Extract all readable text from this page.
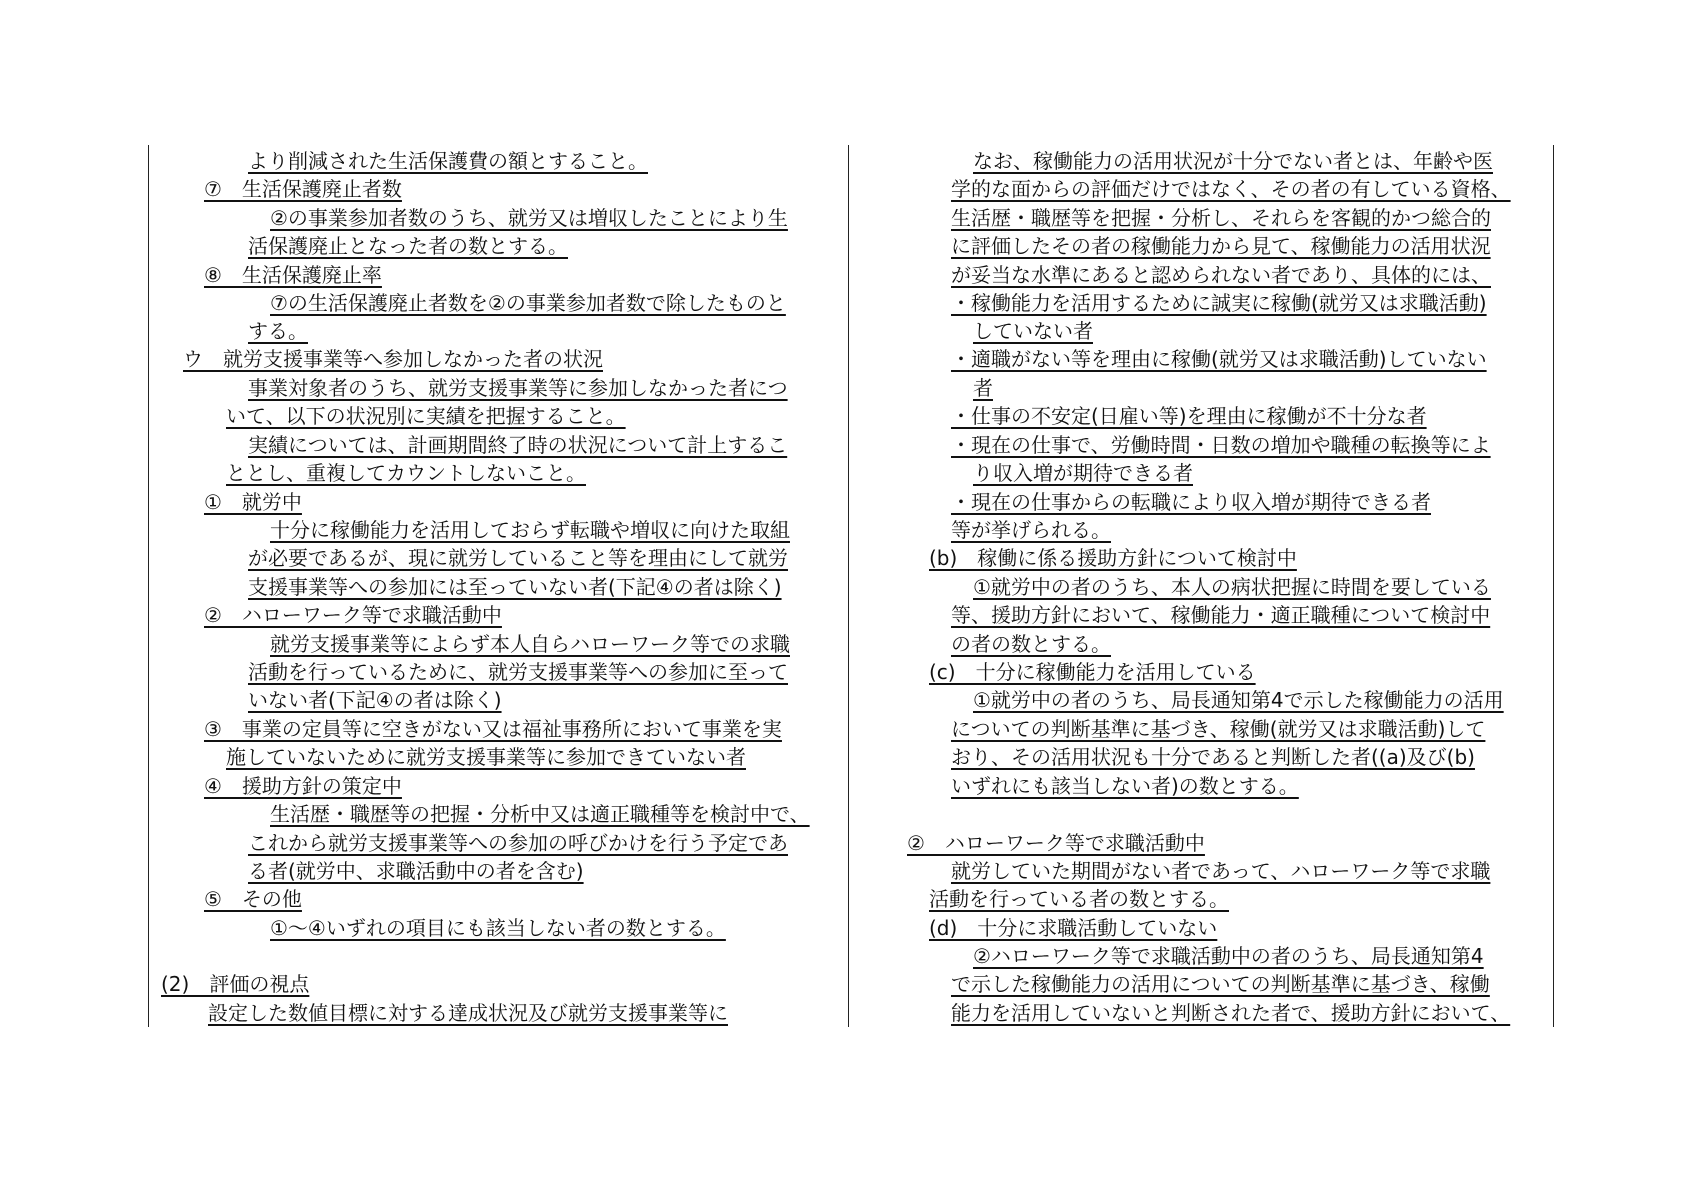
より削減された生活保護費の額とすること。
⑦　生活保護廃止者数
②の事業参加者数のうち、就労又は増収したことにより生
活保護廃止となった者の数とする。
⑧　生活保護廃止率
⑦の生活保護廃止者数を②の事業参加者数で除したものと
する。
ウ　就労支援事業等へ参加しなかった者の状況
事業対象者のうち、就労支援事業等に参加しなかった者につ
いて、以下の状況別に実績を把握すること。
実績については、計画期間終了時の状況について計上するこ
ととし、重複してカウントしないこと。
①　就労中
十分に稼働能力を活用しておらず転職や増収に向けた取組
が必要であるが、現に就労していること等を理由にして就労
支援事業等への参加には至っていない者(下記④の者は除く)
②　ハローワーク等で求職活動中
就労支援事業等によらず本人自らハローワーク等での求職
活動を行っているために、就労支援事業等への参加に至って
いない者(下記④の者は除く)
③　事業の定員等に空きがない又は福祉事務所において事業を実
施していないために就労支援事業等に参加できていない者
④　援助方針の策定中
生活歴・職歴等の把握・分析中又は適正職種等を検討中で、
これから就労支援事業等への参加の呼びかけを行う予定であ
る者(就労中、求職活動中の者を含む)
⑤　その他
①～④いずれの項目にも該当しない者の数とする。
(2)　評価の視点
設定した数値目標に対する達成状況及び就労支援事業等に
なお、稼働能力の活用状況が十分でない者とは、年齢や医
学的な面からの評価だけではなく、その者の有している資格、
生活歴・職歴等を把握・分析し、それらを客観的かつ総合的
に評価したその者の稼働能力から見て、稼働能力の活用状況
が妥当な水準にあると認められない者であり、具体的には、
・稼働能力を活用するために誠実に稼働(就労又は求職活動)
していない者
・適職がない等を理由に稼働(就労又は求職活動)していない
者
・仕事の不安定(日雇い等)を理由に稼働が不十分な者
・現在の仕事で、労働時間・日数の増加や職種の転換等によ
り収入増が期待できる者
・現在の仕事からの転職により収入増が期待できる者
等が挙げられる。
(b)　稼働に係る援助方針について検討中
①就労中の者のうち、本人の病状把握に時間を要している
等、援助方針において、稼働能力・適正職種について検討中
の者の数とする。
(c)　十分に稼働能力を活用している
①就労中の者のうち、局長通知第4で示した稼働能力の活用
についての判断基準に基づき、稼働(就労又は求職活動)して
おり、その活用状況も十分であると判断した者((a)及び(b)
いずれにも該当しない者)の数とする。
②　ハローワーク等で求職活動中
就労していた期間がない者であって、ハローワーク等で求職
活動を行っている者の数とする。
(d)　十分に求職活動していない
②ハローワーク等で求職活動中の者のうち、局長通知第4
で示した稼働能力の活用についての判断基準に基づき、稼働
能力を活用していないと判断された者で、援助方針において、
